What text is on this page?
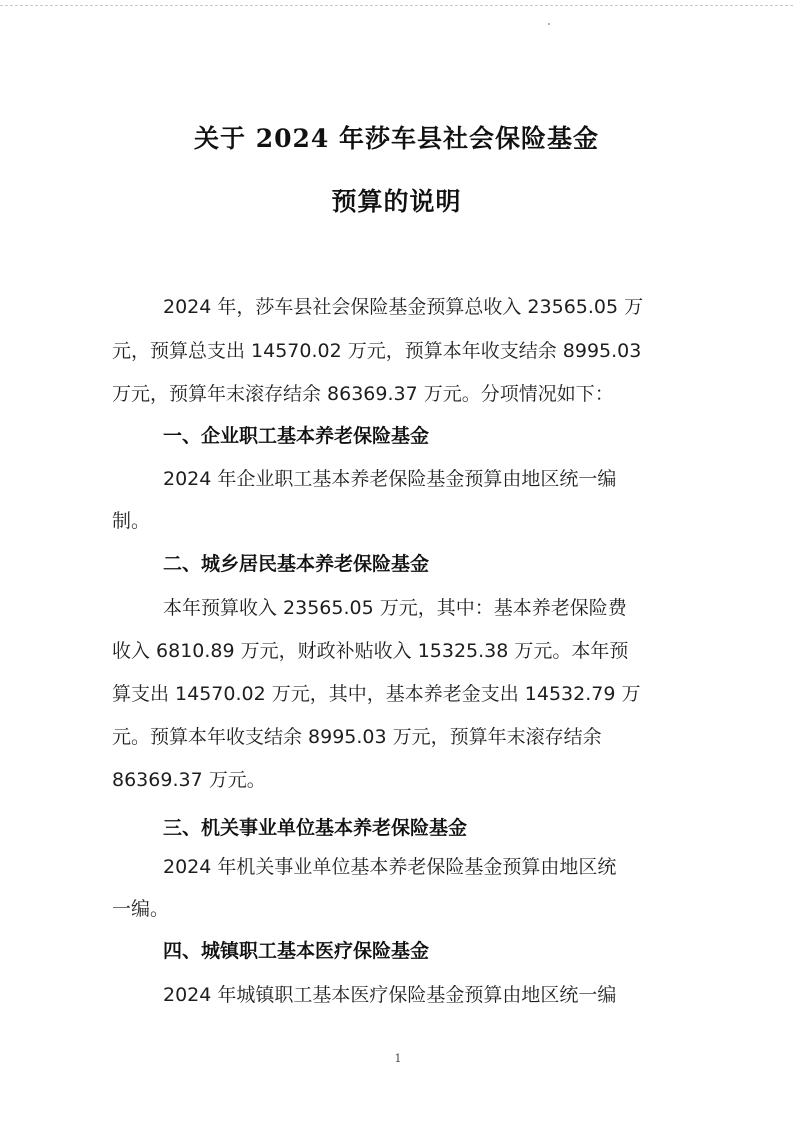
关于 2024 年莎车县社会保险基金
预算的说明
2024 年，莎车县社会保险基金预算总收入 23565.05 万
元，预算总支出 14570.02 万元，预算本年收支结余 8995.03
万元，预算年末滚存结余 86369.37 万元。分项情况如下：
一、企业职工基本养老保险基金
2024 年企业职工基本养老保险基金预算由地区统一编
制。
二、城乡居民基本养老保险基金
本年预算收入 23565.05 万元，其中：基本养老保险费
收入 6810.89 万元，财政补贴收入 15325.38 万元。本年预
算支出 14570.02 万元，其中，基本养老金支出 14532.79 万
元。预算本年收支结余 8995.03 万元，预算年末滚存结余
86369.37 万元。
三、机关事业单位基本养老保险基金
2024 年机关事业单位基本养老保险基金预算由地区统
一编。
四、城镇职工基本医疗保险基金
2024 年城镇职工基本医疗保险基金预算由地区统一编
1
